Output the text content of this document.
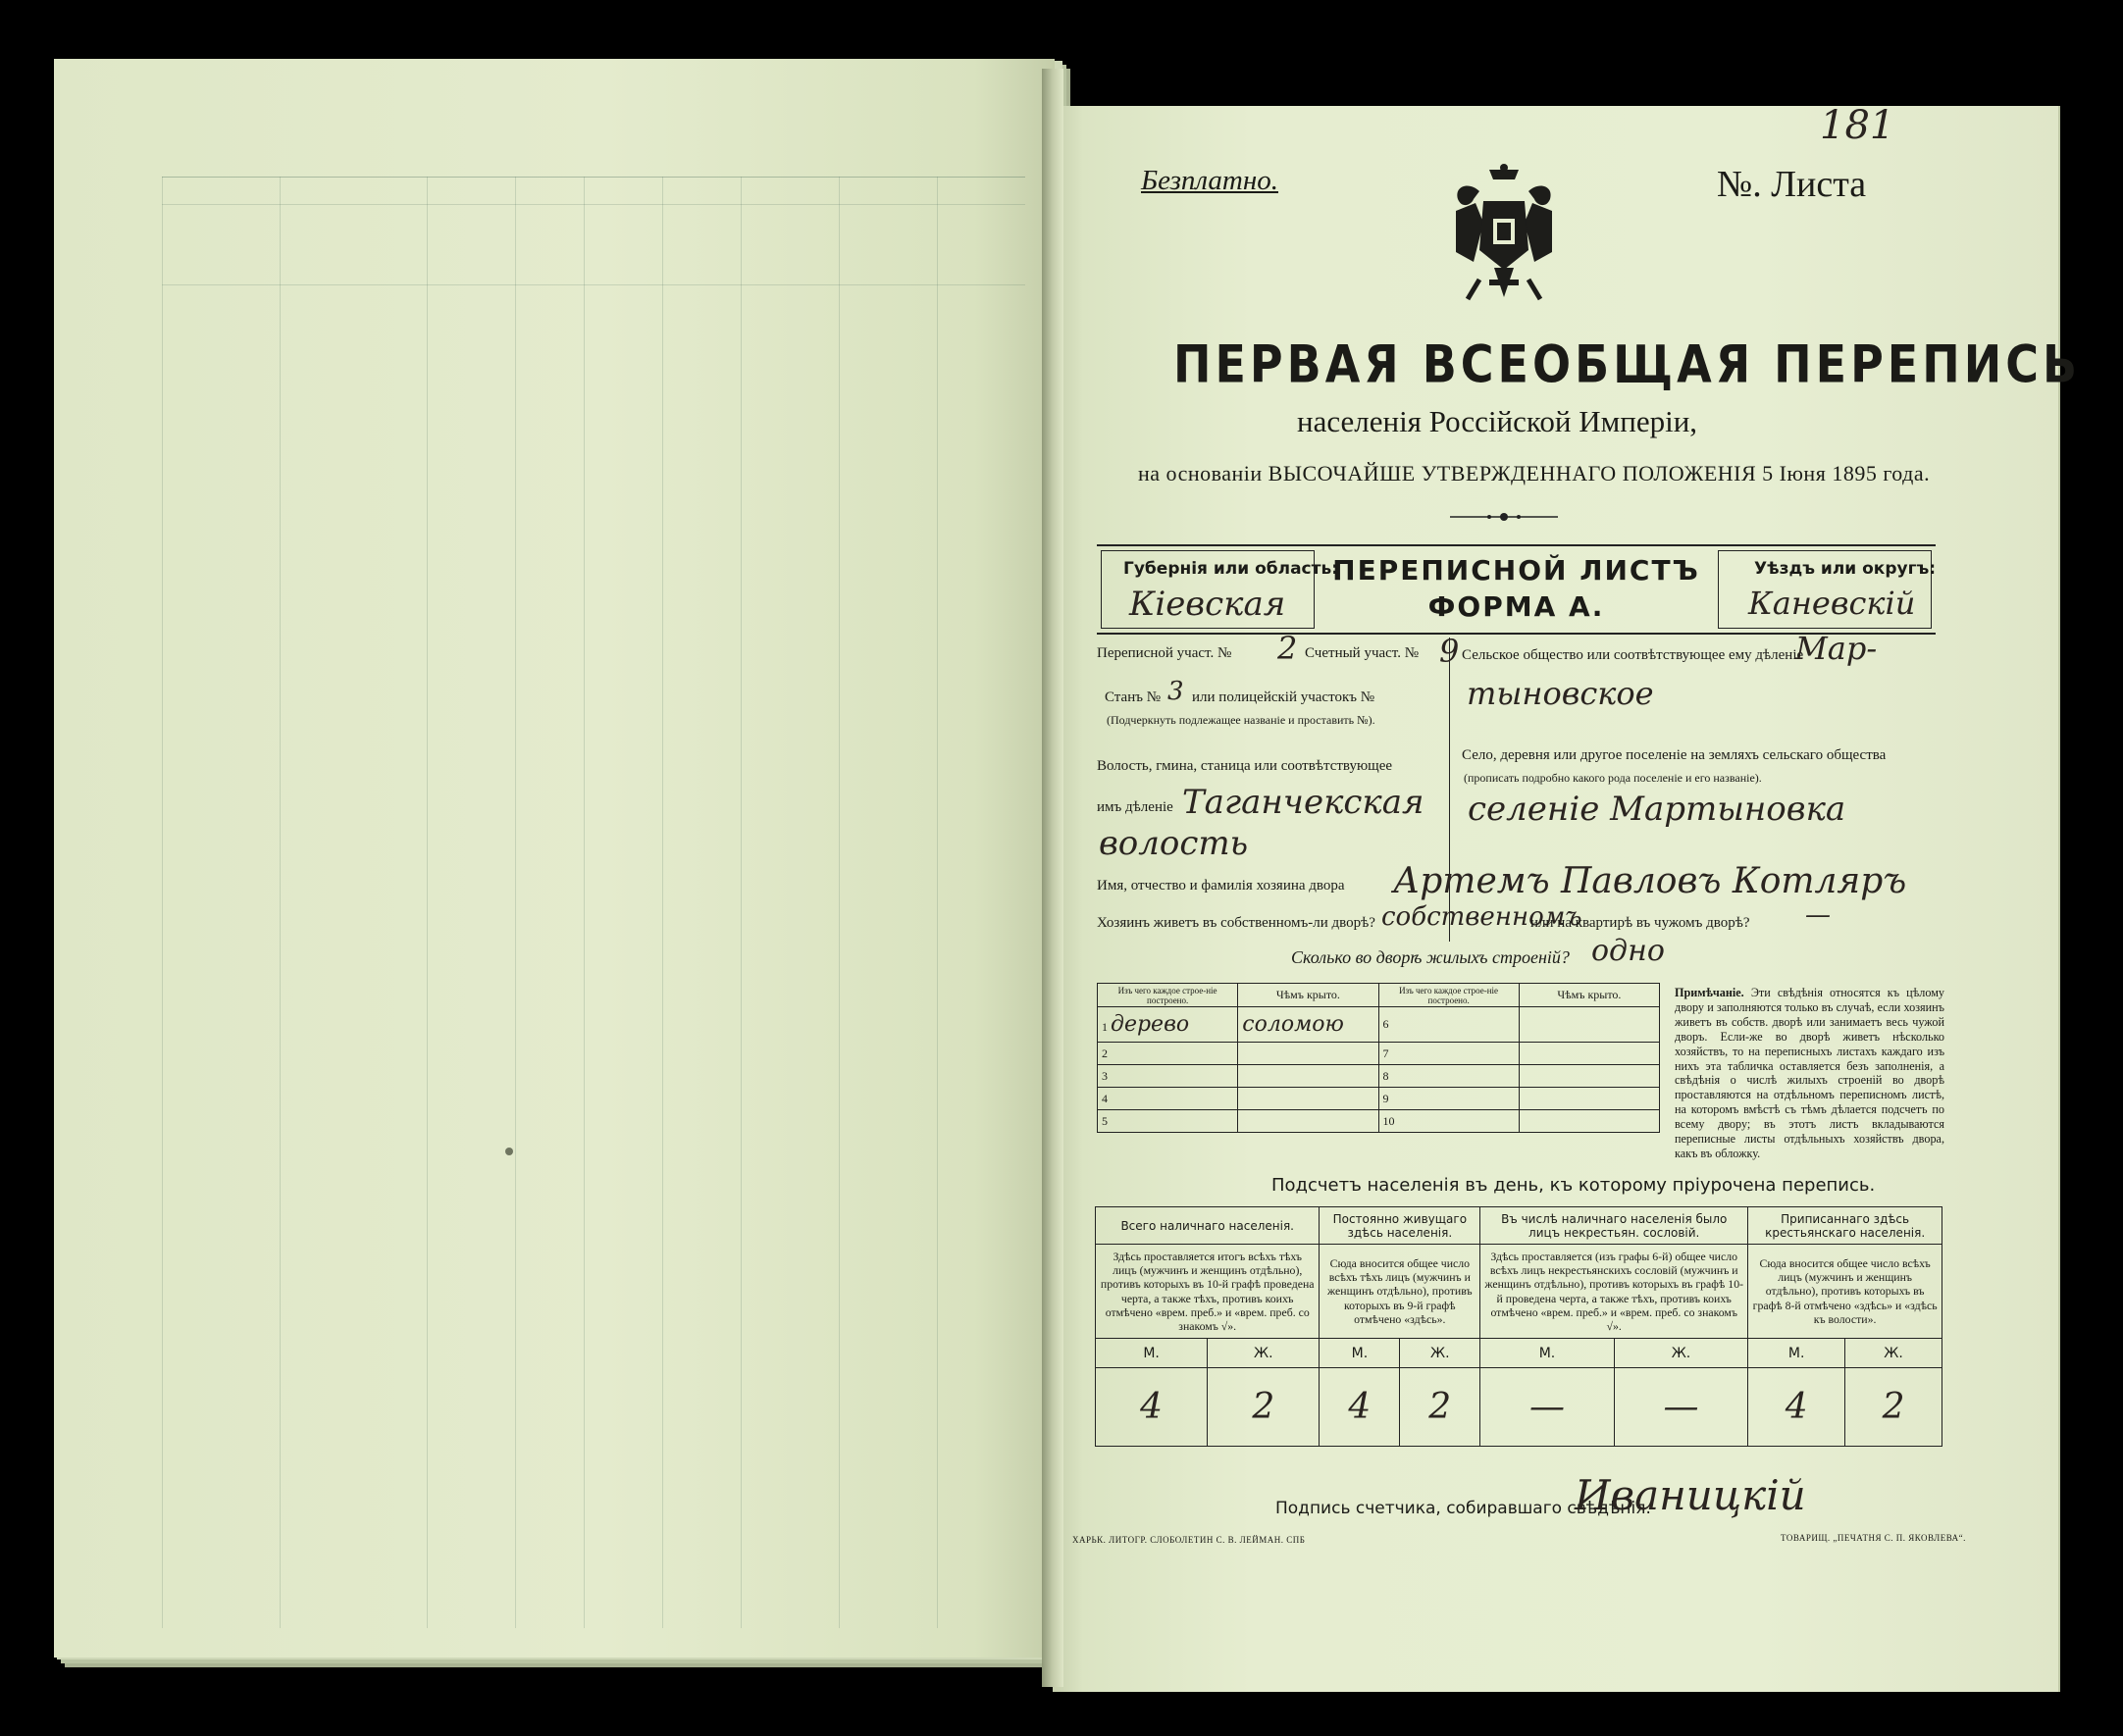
Безплатно.	№. Листа
181
ПЕРВАЯ ВСЕОБЩАЯ ПЕРЕПИСЬ
населенія Россійской Имперіи,
на основаніи ВЫСОЧАЙШЕ УТВЕРЖДЕННАГО ПОЛОЖЕНІЯ 5 Іюня 1895 года.
Губернія или область:
Кіевская
ПЕРЕПИСНОЙ ЛИСТЪ
ФОРМА А.
Уѣздъ или округъ:
Каневскій
Переписной участ. № 2 Счетный участ. № 9
Станъ № 3 или полицейскій участокъ №
(Подчеркнуть подлежащее названіе и проставить №).
Волость, гмина, станица или соотвѣтствующее
имъ дѣленіе Таганчекская
волость
Сельское общество или соотвѣтствующее ему дѣленіе
Мар-
тыновское
Село, деревня или другое поселеніе на земляхъ сельскаго общества
(прописать подробно какого рода поселеніе и его названіе).
селеніе Мартыновка
Имя, отчество и фамилія хозяина двора Артемъ Павловъ Котляръ
Хозяинъ живетъ въ собственномъ-ли дворѣ? собственномъ
или на квартирѣ въ чужомъ дворѣ? —
Сколько во дворѣ жилыхъ строеній? одно
Изъ чего каждое строе-ніе построено.	Чѣмъ крыто.	Изъ чего каждое строе-ніе построено.	Чѣмъ крыто.
1 дерево	соломою	6	
2		7	
3		8	
4		9	
5		10	
Примѣчаніе. Эти свѣдѣнія относятся къ цѣлому двору и заполняются только въ случаѣ, если хозяинъ живетъ въ собств. дворѣ или занимаетъ весь чужой дворъ. Если-же во дворѣ живетъ нѣсколько хозяйствъ, то на переписныхъ листахъ каждаго изъ нихъ эта табличка оставляется безъ заполненія, а свѣдѣнія о числѣ жилыхъ строеній во дворѣ проставляются на отдѣльномъ переписномъ листѣ, на которомъ вмѣстѣ съ тѣмъ дѣлается подсчетъ по всему двору; въ этотъ листъ вкладываются переписные листы отдѣльныхъ хозяйствъ двора, какъ въ обложку.
Подсчетъ населенія въ день, къ которому пріурочена перепись.
Всего наличнаго населенія.		Постоянно живущаго здѣсь населенія.		Въ числѣ наличнаго населенія было лицъ некрестьян. сословій.		Приписаннаго здѣсь крестьянскаго населенія.	
Здѣсь проставляется итогъ всѣхъ тѣхъ лицъ (мужчинъ и женщинъ отдѣльно), противъ которыхъ въ 10-й графѣ проведена черта, а также тѣхъ, противъ коихъ отмѣчено «врем. преб.» и «врем. преб. со знакомъ √».		Сюда вносится общее число всѣхъ тѣхъ лицъ (мужчинъ и женщинъ отдѣльно), противъ которыхъ въ 9-й графѣ отмѣчено «здѣсь».		Здѣсь проставляется (изъ графы 6-й) общее число всѣхъ лицъ некрестьянскихъ сословій (мужчинъ и женщинъ отдѣльно), противъ которыхъ въ графѣ 10-й проведена черта, а также тѣхъ, противъ коихъ отмѣчено «врем. преб.» и «врем. преб. со знакомъ √».		Сюда вносится общее число всѣхъ лицъ (мужчинъ и женщинъ отдѣльно), противъ которыхъ въ графѣ 8-й отмѣчено «здѣсь» и «здѣсь къ волости».	
М.	Ж.	М.	Ж.	М.	Ж.	М.	Ж.
4	2	4	2	—	—	4	2
Подпись счетчика, собиравшаго свѣдѣнія.
Иваницкій
ХАРЬК. ЛИТОГР. СЛОБОЛЕТИН С. В. ЛЕЙМАН. СПБ	ТОВАРИЩ. „ПЕЧАТНЯ С. П. ЯКОВЛЕВА“.
